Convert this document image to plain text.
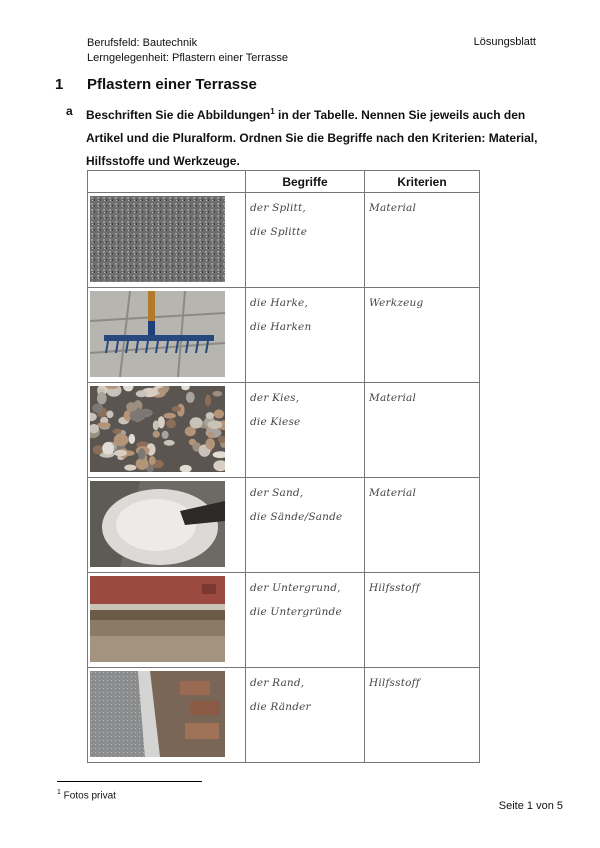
Berufsfeld: Bautechnik
Lerngelegenheit: Pflastern einer Terrasse
Lösungsblatt
1 Pflastern einer Terrasse
a Beschriften Sie die Abbildungen$^1$ in der Tabelle. Nennen Sie jeweils auch den Artikel und die Pluralform. Ordnen Sie die Begriffe nach den Kriterien: Material, Hilfsstoffe und Werkzeuge.
	Begriffe	Kriterien

der Splitt,
die Splitte	Material

die Harke,
die Harken	Werkzeug

der Kies,
die Kiese	Material

der Sand,
die Sände/Sande	Material

der Untergrund,
die Untergründe	Hilfsstoff

der Rand,
die Ränder	Hilfsstoff
$^1$ Fotos privat
Seite 1 von 5
